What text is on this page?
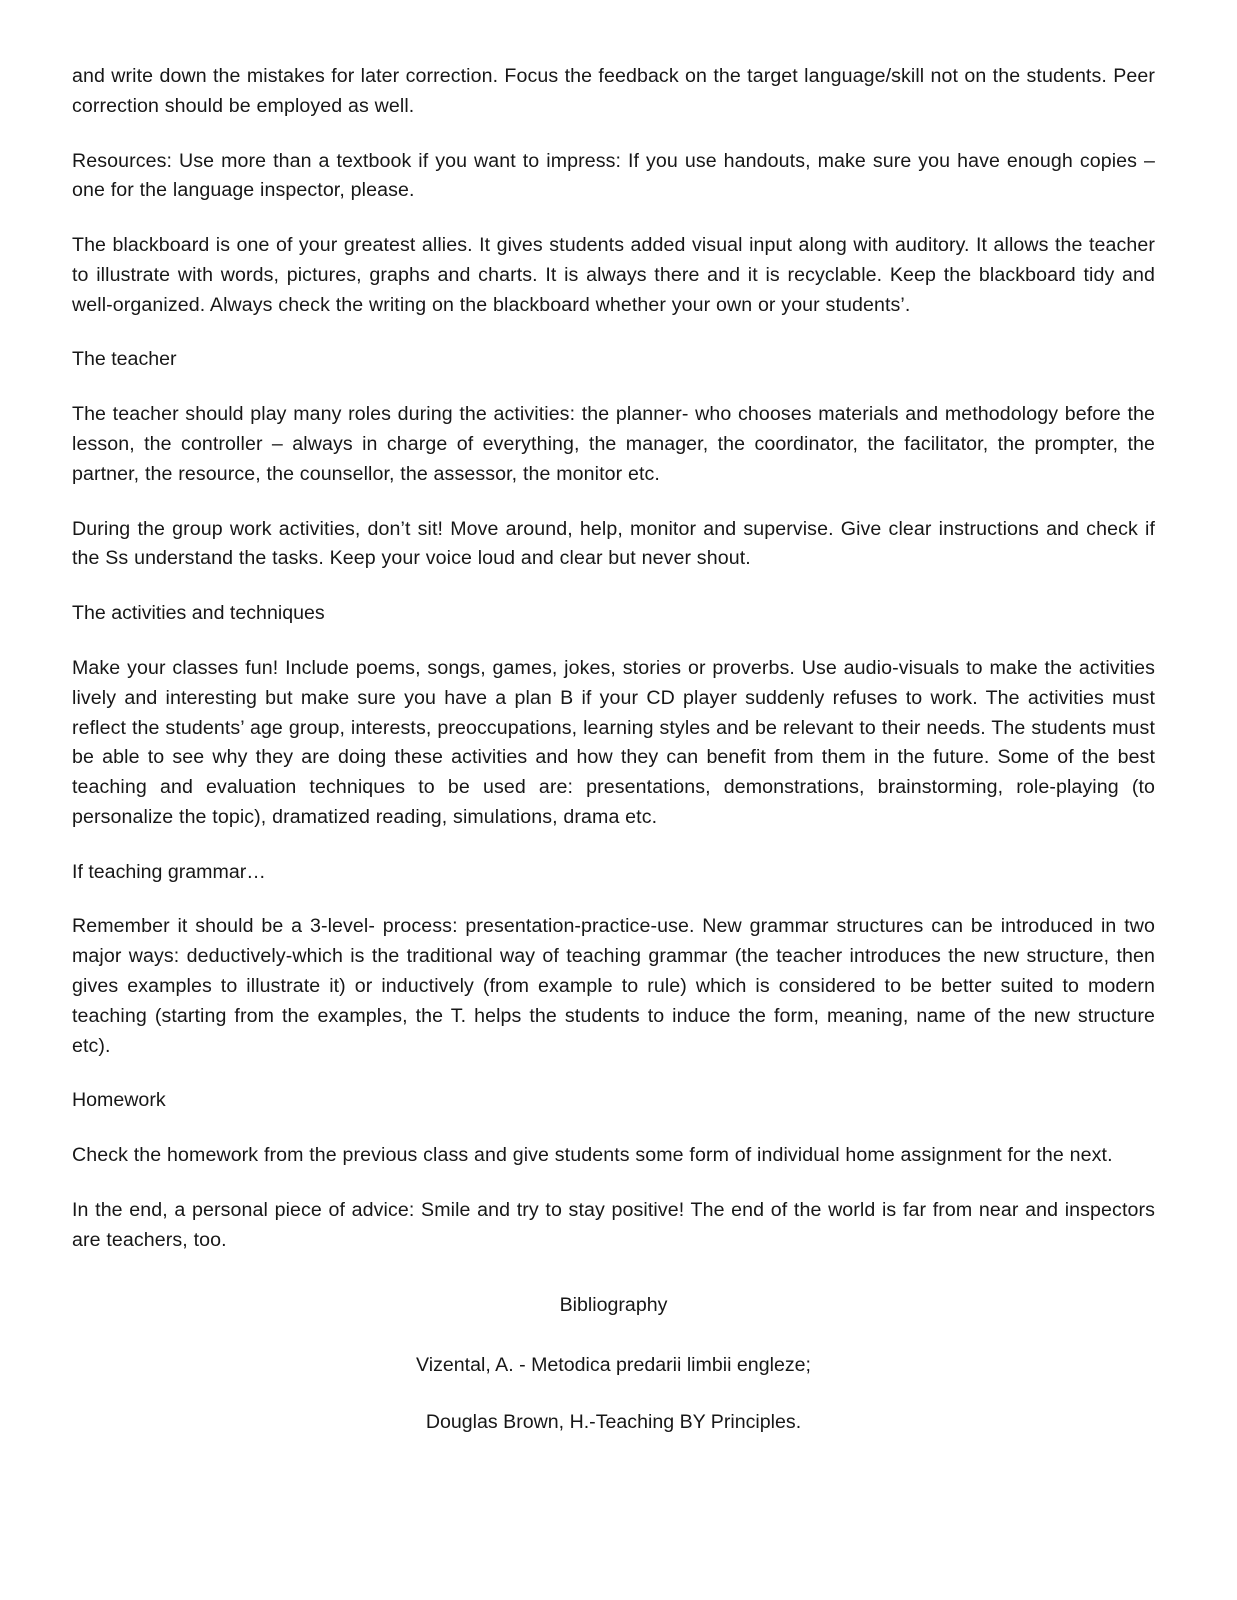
and write down the mistakes for later correction. Focus the feedback on the target language/skill not on the students. Peer correction should be employed as well.

Resources: Use more than a textbook if you want to impress: If you use handouts, make sure you have enough copies – one for the language inspector, please.

The blackboard is one of your greatest allies. It gives students added visual input along with auditory. It allows the teacher to illustrate with words, pictures, graphs and charts. It is always there and it is recyclable. Keep the blackboard tidy and well-organized. Always check the writing on the blackboard whether your own or your students’.

The teacher

The teacher should play many roles during the activities: the planner- who chooses materials and methodology before the lesson, the controller – always in charge of everything, the manager, the coordinator, the facilitator, the prompter, the partner, the resource, the counsellor, the assessor, the monitor etc.

During the group work activities, don’t sit! Move around, help, monitor and supervise. Give clear instructions and check if the Ss understand the tasks. Keep your voice loud and clear but never shout.

The activities and techniques

Make your classes fun! Include poems, songs, games, jokes, stories or proverbs. Use audio-visuals to make the activities lively and interesting but make sure you have a plan B if your CD player suddenly refuses to work. The activities must reflect the students’ age group, interests, preoccupations, learning styles and be relevant to their needs. The students must be able to see why they are doing these activities and how they can benefit from them in the future. Some of the best teaching and evaluation techniques to be used are: presentations, demonstrations, brainstorming, role-playing (to personalize the topic), dramatized reading, simulations, drama etc.

If teaching grammar…

Remember it should be a 3-level- process: presentation-practice-use. New grammar structures can be introduced in two major ways: deductively-which is the traditional way of teaching grammar (the teacher introduces the new structure, then gives examples to illustrate it) or inductively (from example to rule) which is considered to be better suited to modern teaching (starting from the examples, the T. helps the students to induce the form, meaning, name of the new structure etc).

Homework

Check the homework from the previous class and give students some form of individual home assignment for the next.

In the end, a personal piece of advice: Smile and try to stay positive! The end of the world is far from near and inspectors are teachers, too.

Bibliography

Vizental, A. - Metodica predarii limbii engleze;

Douglas Brown, H.-Teaching BY Principles.
